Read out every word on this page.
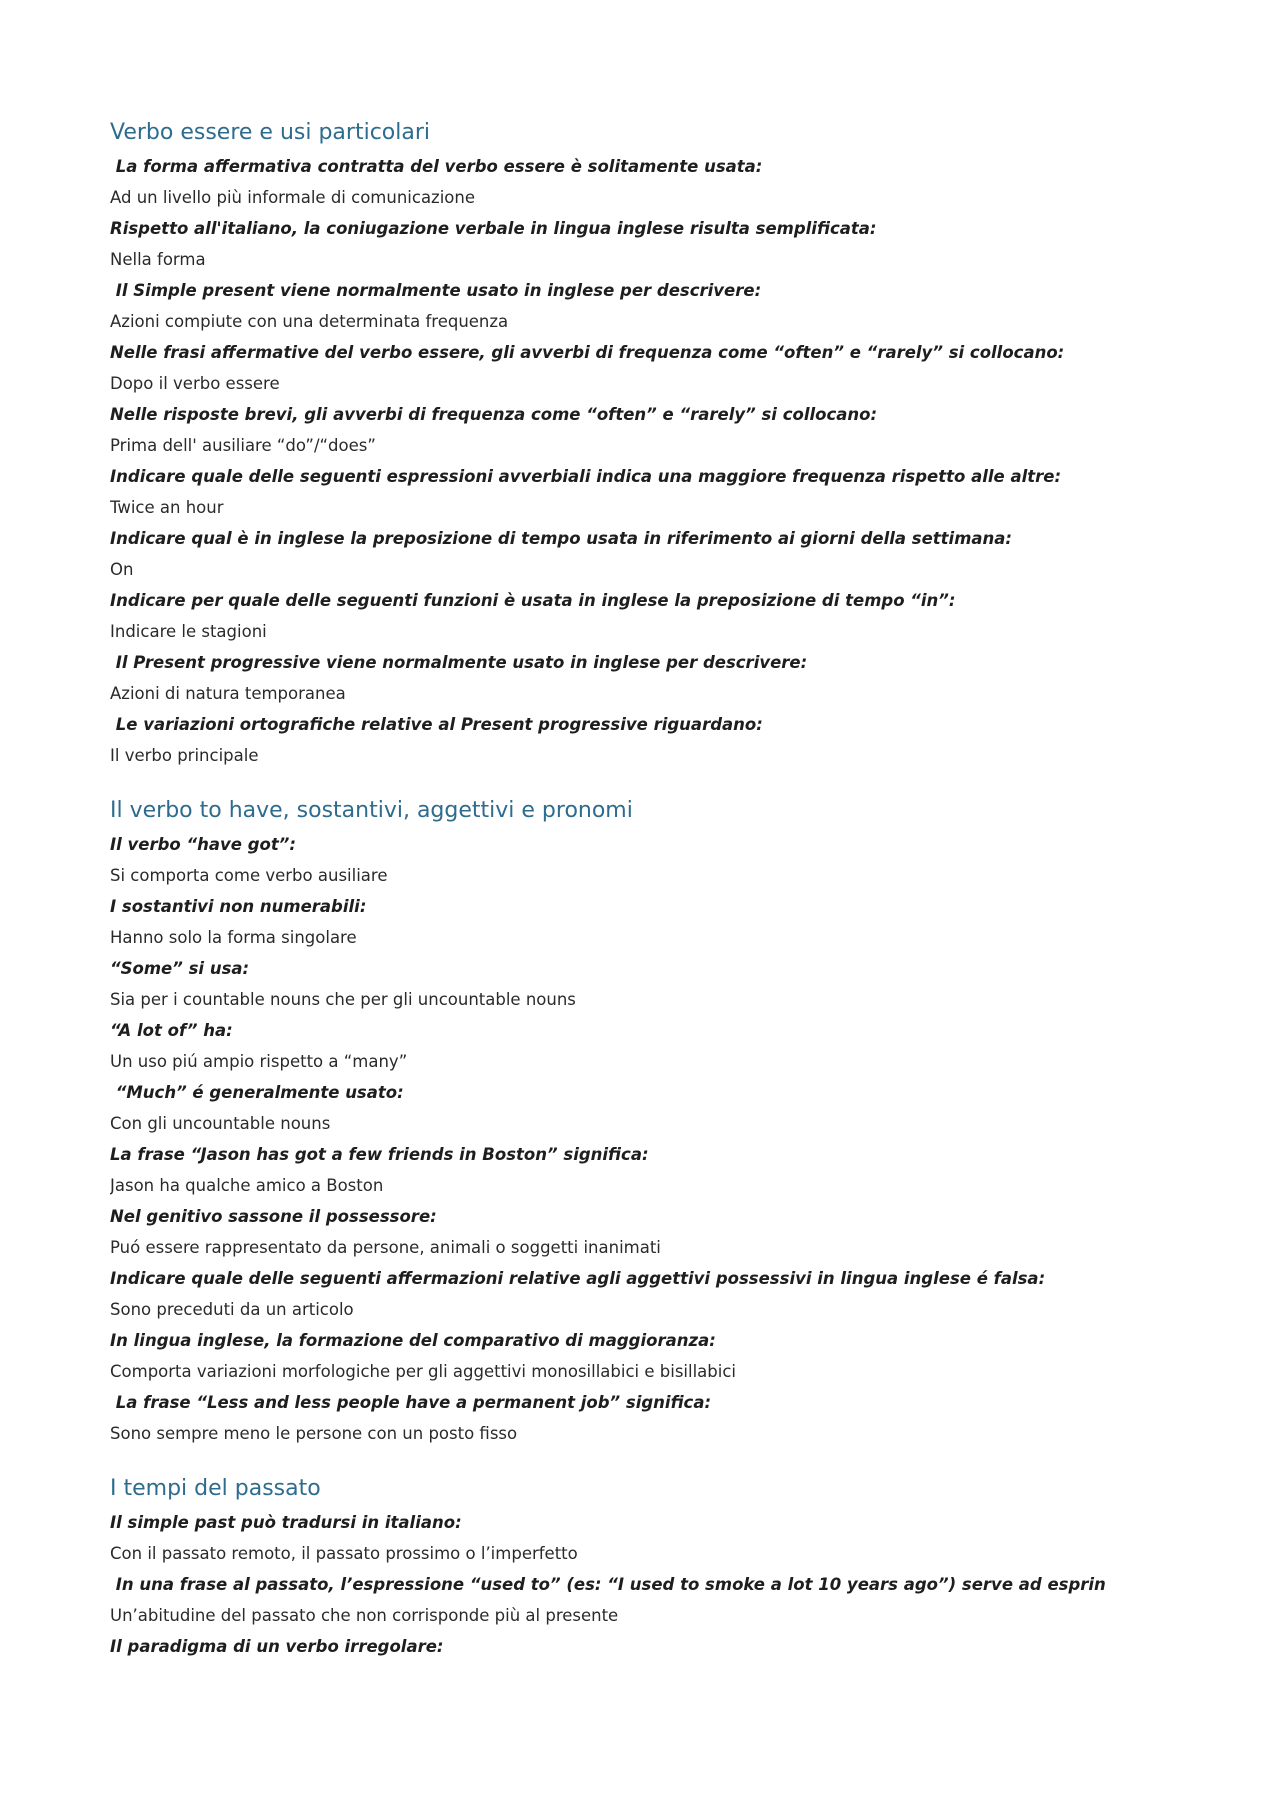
Verbo essere e usi particolari
La forma affermativa contratta del verbo essere è solitamente usata:
Ad un livello più informale di comunicazione
Rispetto all'italiano, la coniugazione verbale in lingua inglese risulta semplificata:
Nella forma
Il Simple present viene normalmente usato in inglese per descrivere:
Azioni compiute con una determinata frequenza
Nelle frasi affermative del verbo essere, gli avverbi di frequenza come “often” e “rarely” si collocano:
Dopo il verbo essere
Nelle risposte brevi, gli avverbi di frequenza come “often” e “rarely” si collocano:
Prima dell' ausiliare “do”/“does”
Indicare quale delle seguenti espressioni avverbiali indica una maggiore frequenza rispetto alle altre:
Twice an hour
Indicare qual è in inglese la preposizione di tempo usata in riferimento ai giorni della settimana:
On
Indicare per quale delle seguenti funzioni è usata in inglese la preposizione di tempo “in”:
Indicare le stagioni
Il Present progressive viene normalmente usato in inglese per descrivere:
Azioni di natura temporanea
Le variazioni ortografiche relative al Present progressive riguardano:
Il verbo principale
Il verbo to have, sostantivi, aggettivi e pronomi
Il verbo “have got”:
Si comporta come verbo ausiliare
I sostantivi non numerabili:
Hanno solo la forma singolare
“Some” si usa:
Sia per i countable nouns che per gli uncountable nouns
“A lot of” ha:
Un uso piú ampio rispetto a “many”
“Much” é generalmente usato:
Con gli uncountable nouns
La frase “Jason has got a few friends in Boston” significa:
Jason ha qualche amico a Boston
Nel genitivo sassone il possessore:
Puó essere rappresentato da persone, animali o soggetti inanimati
Indicare quale delle seguenti affermazioni relative agli aggettivi possessivi in lingua inglese é falsa:
Sono preceduti da un articolo
In lingua inglese, la formazione del comparativo di maggioranza:
Comporta variazioni morfologiche per gli aggettivi monosillabici e bisillabici
La frase “Less and less people have a permanent job” significa:
Sono sempre meno le persone con un posto fisso
I tempi del passato
Il simple past può tradursi in italiano:
Con il passato remoto, il passato prossimo o l’imperfetto
In una frase al passato, l’espressione “used to” (es: “I used to smoke a lot 10 years ago”) serve ad esprin
Un’abitudine del passato che non corrisponde più al presente
Il paradigma di un verbo irregolare:
